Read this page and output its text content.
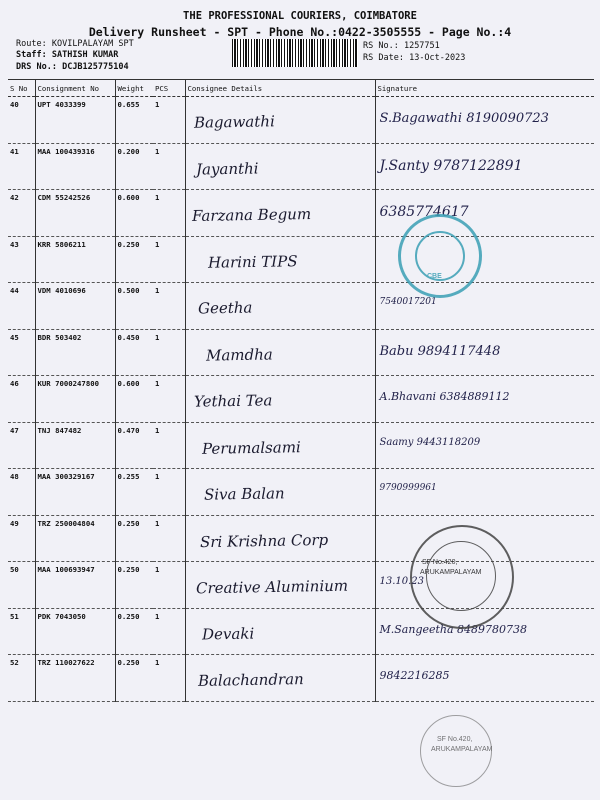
THE PROFESSIONAL COURIERS, COIMBATORE
Delivery Runsheet - SPT - Phone No.:0422-3505555 - Page No.:4
Route: KOVILPALAYAM SPT
Staff: SATHISH KUMAR
DRS No.: DCJB125775104
RS No.: 1257751
RS Date: 13-Oct-2023
S No	Consignment No	Weight	PCS	Consignee Details	Signature
40	UPT 4033399	0.655	1	Bagawathi	S.Bagawathi 8190090723

41	MAA 100439316	0.200	1	Jayanthi	J.Santy 9787122891

42	CDM 55242526	0.600	1	Farzana Begum	6385774617

43	KRR 5806211	0.250	1	Harini TIPS	

44	VDM 4010696	0.500	1	Geetha	7540017201

45	BDR 503402	0.450	1	Mamdha	Babu 9894117448

46	KUR 7000247800	0.600	1	Yethai Tea	A.Bhavani 6384889112

47	TNJ 847482	0.470	1	Perumalsami	Saamy 9443118209

48	MAA 300329167	0.255	1	Siva Balan	9790999961

49	TRZ 250004804	0.250	1	Sri Krishna Corp	

50	MAA 100693947	0.250	1	Creative Aluminium	13.10.23

51	PDK 7043050	0.250	1	Devaki	M.Sangeetha 8489780738

52	TRZ 110027622	0.250	1	Balachandran	9842216285
CBE
SF No.420,
ARUKAMPALAYAM
SF No.420,
ARUKAMPALAYAM
